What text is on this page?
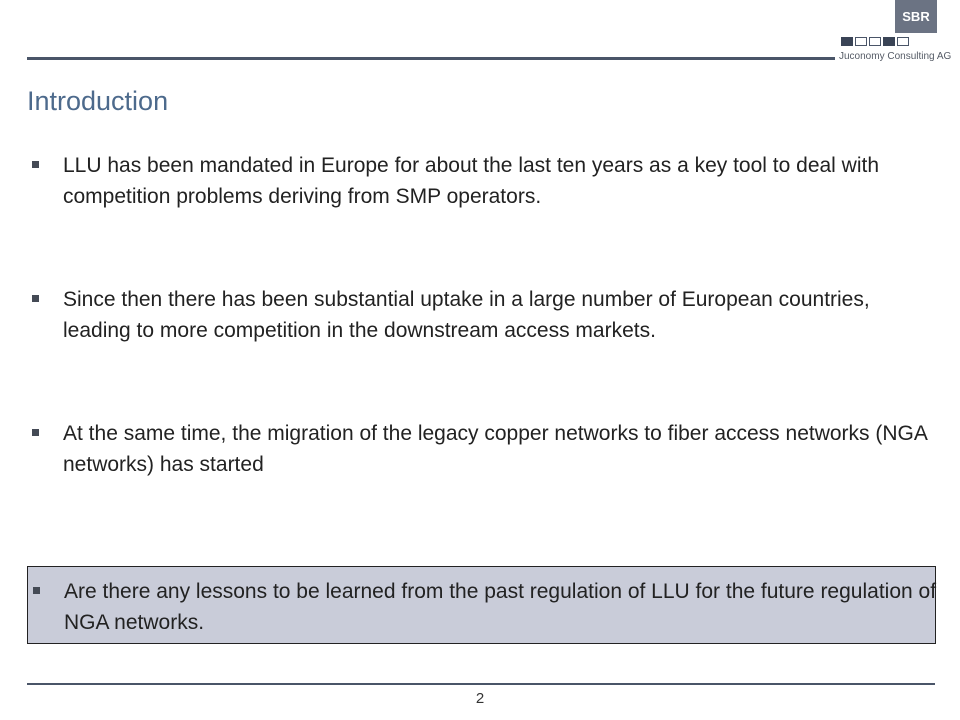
SBR
Juconomy Consulting AG
Introduction
LLU has been mandated in Europe for about the last ten years as a key tool to deal with competition problems deriving from SMP operators.
Since then there has been substantial uptake in a large number of European countries, leading to more competition in the downstream access markets.
At the same time, the migration of the legacy copper networks to fiber access networks (NGA networks) has started
Are there any lessons to be learned from the past regulation of LLU for the future regulation of NGA networks.
2
